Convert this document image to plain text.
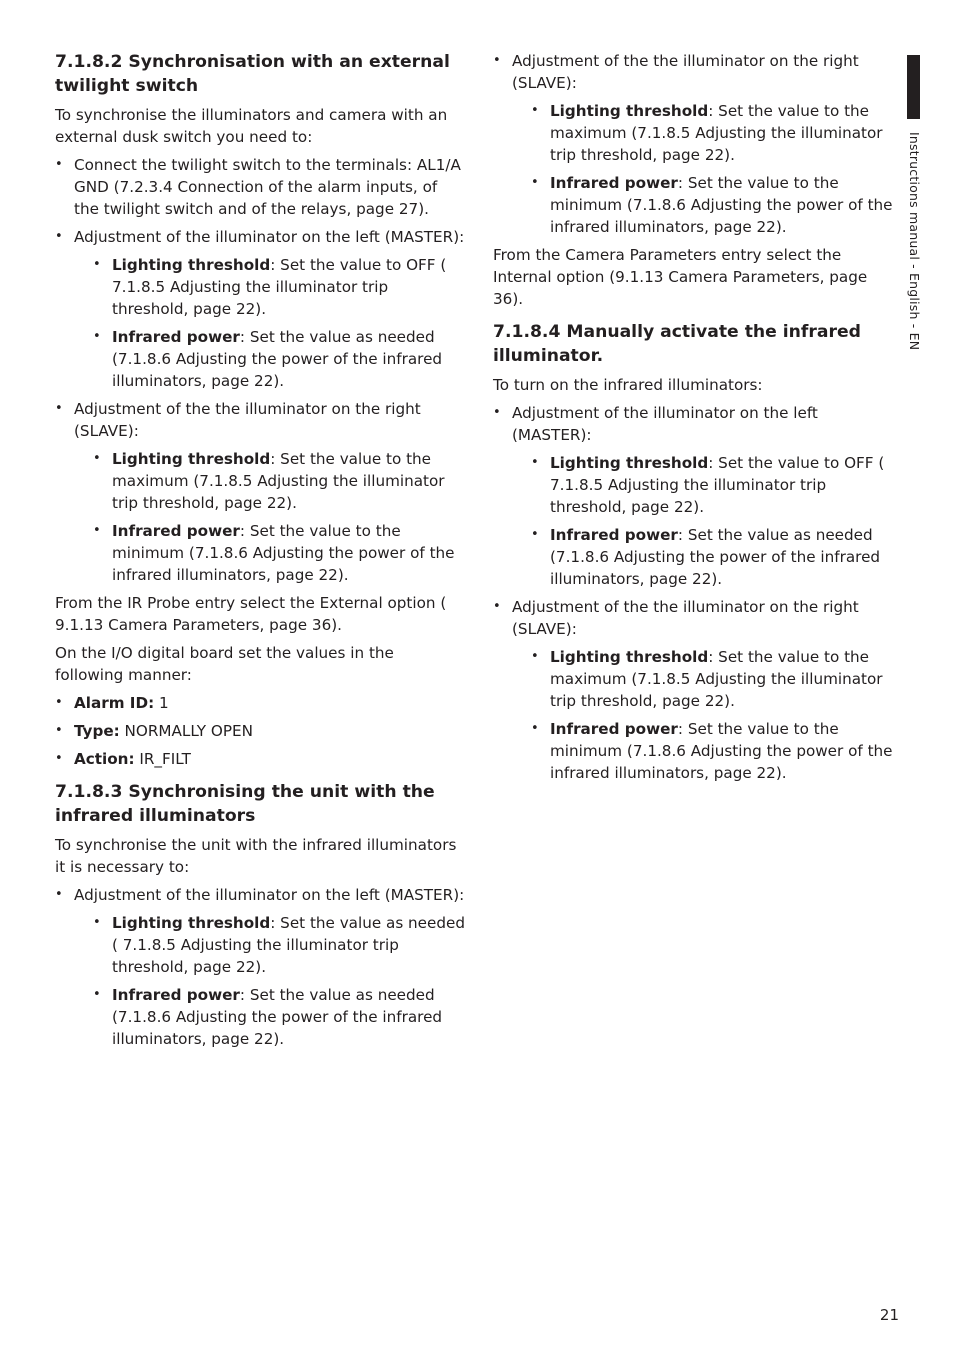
Instructions manual - English - EN
7.1.8.2 Synchronisation with an external twilight switch

To synchronise the illuminators and camera with an external dusk switch you need to:

• Connect the twilight switch to the terminals: AL1/A GND (7.2.3.4 Connection of the alarm inputs, of the twilight switch and of the relays, page 27).
• Adjustment of the illuminator on the left (MASTER):
• Lighting threshold: Set the value to OFF ( 7.1.8.5 Adjusting the illuminator trip threshold, page 22).
• Infrared power: Set the value as needed (7.1.8.6 Adjusting the power of the infrared illuminators, page 22).
• Adjustment of the the illuminator on the right (SLAVE):
• Lighting threshold: Set the value to the maximum (7.1.8.5 Adjusting the illuminator trip threshold, page 22).
• Infrared power: Set the value to the minimum (7.1.8.6 Adjusting the power of the infrared illuminators, page 22).

From the IR Probe entry select the External option ( 9.1.13 Camera Parameters, page 36).

On the I/O digital board set the values in the following manner:

• Alarm ID: 1
• Type: NORMALLY OPEN
• Action: IR_FILT
7.1.8.3 Synchronising the unit with the infrared illuminators

To synchronise the unit with the infrared illuminators it is necessary to:

• Adjustment of the illuminator on the left (MASTER):
• Lighting threshold: Set the value as needed ( 7.1.8.5 Adjusting the illuminator trip threshold, page 22).
• Infrared power: Set the value as needed (7.1.8.6 Adjusting the power of the infrared illuminators, page 22).
• Adjustment of the the illuminator on the right (SLAVE):
• Lighting threshold: Set the value to the maximum (7.1.8.5 Adjusting the illuminator trip threshold, page 22).
• Infrared power: Set the value to the minimum (7.1.8.6 Adjusting the power of the infrared illuminators, page 22).

From the Camera Parameters entry select the Internal option (9.1.13 Camera Parameters, page 36).

7.1.8.4 Manually activate the infrared illuminator.

To turn on the infrared illuminators:

• Adjustment of the illuminator on the left (MASTER):
• Lighting threshold: Set the value to OFF ( 7.1.8.5 Adjusting the illuminator trip threshold, page 22).
• Infrared power: Set the value as needed (7.1.8.6 Adjusting the power of the infrared illuminators, page 22).
• Adjustment of the the illuminator on the right (SLAVE):
• Lighting threshold: Set the value to the maximum (7.1.8.5 Adjusting the illuminator trip threshold, page 22).
• Infrared power: Set the value to the minimum (7.1.8.6 Adjusting the power of the infrared illuminators, page 22).
21
